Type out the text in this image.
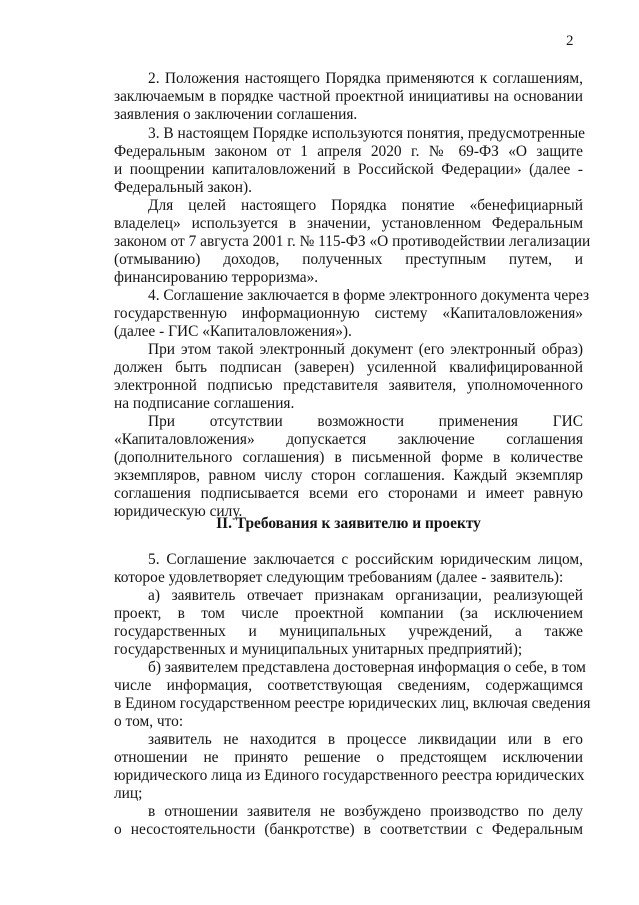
2
2. Положения настоящего Порядка применяются к соглашениям,
заключаемым в порядке частной проектной инициативы на основании
заявления о заключении соглашения.
3. В настоящем Порядке используются понятия, предусмотренные
Федеральным законом от 1 апреля 2020 г. № 69-ФЗ «О защите
и поощрении капиталовложений в Российской Федерации» (далее -
Федеральный закон).
Для целей настоящего Порядка понятие «бенефициарный
владелец» используется в значении, установленном Федеральным
законом от 7 августа 2001 г. № 115-ФЗ «О противодействии легализации
(отмыванию) доходов, полученных преступным путем, и
финансированию терроризма».
4. Соглашение заключается в форме электронного документа через
государственную информационную систему «Капиталовложения»
(далее - ГИС «Капиталовложения»).
При этом такой электронный документ (его электронный образ)
должен быть подписан (заверен) усиленной квалифицированной
электронной подписью представителя заявителя, уполномоченного
на подписание соглашения.
При отсутствии возможности применения ГИС
«Капиталовложения» допускается заключение соглашения
(дополнительного соглашения) в письменной форме в количестве
экземпляров, равном числу сторон соглашения. Каждый экземпляр
соглашения подписывается всеми его сторонами и имеет равную
юридическую силу.
II. Требования к заявителю и проекту
5. Соглашение заключается с российским юридическим лицом,
которое удовлетворяет следующим требованиям (далее - заявитель):
а) заявитель отвечает признакам организации, реализующей
проект, в том числе проектной компании (за исключением
государственных и муниципальных учреждений, а также
государственных и муниципальных унитарных предприятий);
б) заявителем представлена достоверная информация о себе, в том
числе информация, соответствующая сведениям, содержащимся
в Едином государственном реестре юридических лиц, включая сведения
о том, что:
заявитель не находится в процессе ликвидации или в его
отношении не принято решение о предстоящем исключении
юридического лица из Единого государственного реестра юридических
лиц;
в отношении заявителя не возбуждено производство по делу
о несостоятельности (банкротстве) в соответствии с Федеральным
